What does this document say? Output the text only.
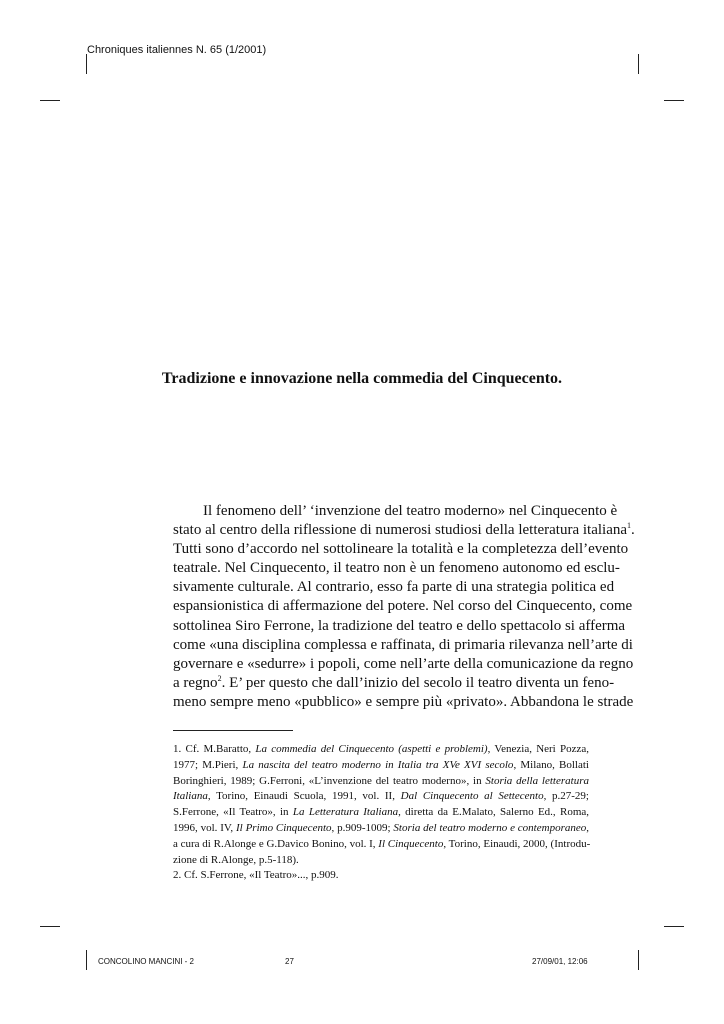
Chroniques italiennes N. 65 (1/2001)
Tradizione e innovazione nella commedia del Cinquecento.
Il fenomeno dell’ ‘invenzione del teatro moderno» nel Cinquecento è
stato al centro della riflessione di numerosi studiosi della letteratura italiana$^1$.
Tutti sono d’accordo nel sottolineare la totalità e la completezza dell’evento
teatrale. Nel Cinquecento, il teatro non è un fenomeno autonomo ed esclu-
sivamente culturale. Al contrario, esso fa parte di una strategia politica ed
espansionistica di affermazione del potere. Nel corso del Cinquecento, come
sottolinea Siro Ferrone, la tradizione del teatro e dello spettacolo si afferma
come «una disciplina complessa e raffinata, di primaria rilevanza nell’arte di
governare e «sedurre» i popoli, come nell’arte della comunicazione da regno
a regno$^2$. E’ per questo che dall’inizio del secolo il teatro diventa un feno-
meno sempre meno «pubblico» e sempre più «privato». Abbandona le strade
1. Cf. M.Baratto, La commedia del Cinquecento (aspetti e problemi), Venezia, Neri Pozza,
1977; M.Pieri, La nascita del teatro moderno in Italia tra XVe XVI secolo, Milano, Bollati
Boringhieri, 1989; G.Ferroni, «L’invenzione del teatro moderno», in Storia della letteratura
Italiana, Torino, Einaudi Scuola, 1991, vol. II, Dal Cinquecento al Settecento, p.27-29;
S.Ferrone, «Il Teatro», in La Letteratura Italiana, diretta da E.Malato, Salerno Ed., Roma,
1996, vol. IV, Il Primo Cinquecento, p.909-1009; Storia del teatro moderno e contemporaneo,
a cura di R.Alonge e G.Davico Bonino, vol. I, Il Cinquecento, Torino, Einaudi, 2000, (Introdu-
zione di R.Alonge, p.5-118).
2. Cf. S.Ferrone, «Il Teatro»..., p.909.
CONCOLINO MANCINI - 2	27	27/09/01, 12:06
